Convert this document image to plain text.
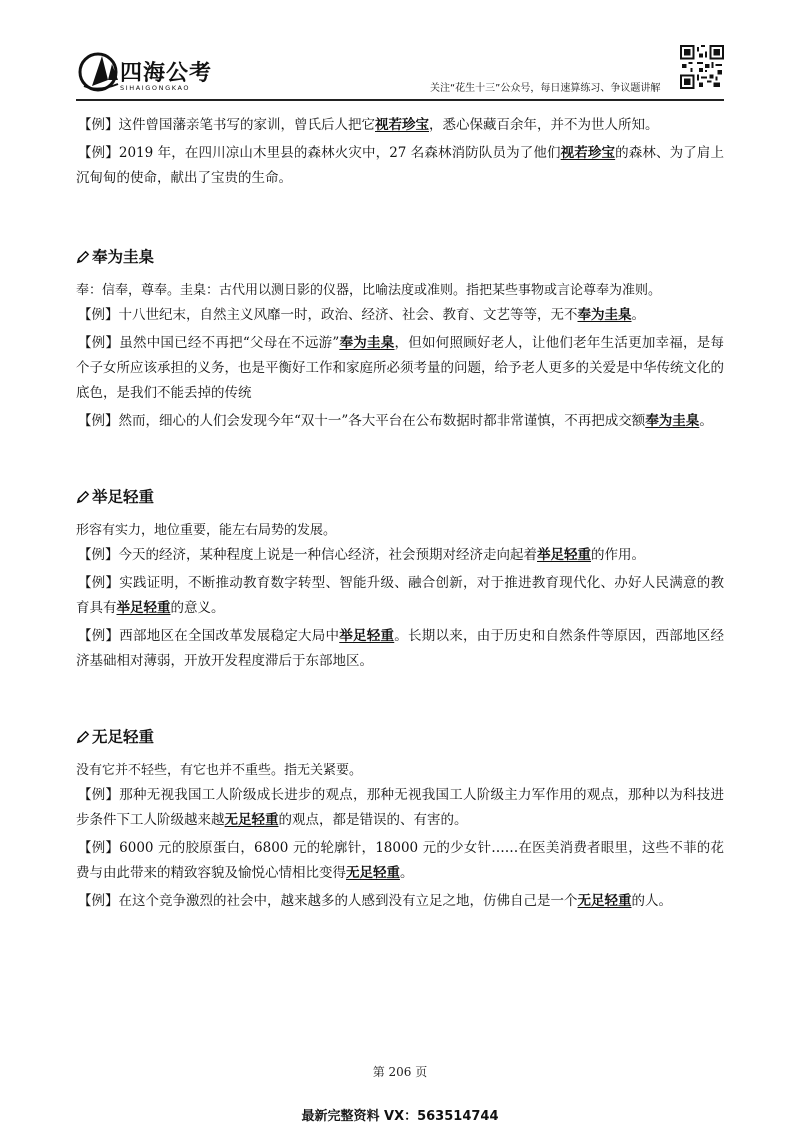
四海公考
SIHAIGONGKAO	关注“花生十三”公众号，每日速算练习、争议题讲解

【例】这件曾国藩亲笔书写的家训，曾氏后人把它视若珍宝，悉心保藏百余年，并不为世人所知。

【例】2019 年，在四川凉山木里县的森林火灾中，27 名森林消防队员为了他们视若珍宝的森林、为了肩上沉甸甸的使命，献出了宝贵的生命。

奉为圭臬

奉：信奉，尊奉。圭臬：古代用以测日影的仪器，比喻法度或准则。指把某些事物或言论尊奉为准则。

【例】十八世纪末，自然主义风靡一时，政治、经济、社会、教育、文艺等等，无不奉为圭臬。

【例】虽然中国已经不再把“父母在不远游”奉为圭臬，但如何照顾好老人，让他们老年生活更加幸福，是每个子女所应该承担的义务，也是平衡好工作和家庭所必须考量的问题，给予老人更多的关爱是中华传统文化的底色，是我们不能丢掉的传统

【例】然而，细心的人们会发现今年“双十一”各大平台在公布数据时都非常谨慎，不再把成交额奉为圭臬。

举足轻重

形容有实力，地位重要，能左右局势的发展。

【例】今天的经济，某种程度上说是一种信心经济，社会预期对经济走向起着举足轻重的作用。

【例】实践证明，不断推动教育数字转型、智能升级、融合创新，对于推进教育现代化、办好人民满意的教育具有举足轻重的意义。

【例】西部地区在全国改革发展稳定大局中举足轻重。长期以来，由于历史和自然条件等原因，西部地区经济基础相对薄弱，开放开发程度滞后于东部地区。

无足轻重

没有它并不轻些，有它也并不重些。指无关紧要。

【例】那种无视我国工人阶级成长进步的观点，那种无视我国工人阶级主力军作用的观点，那种以为科技进步条件下工人阶级越来越无足轻重的观点，都是错误的、有害的。

【例】6000 元的胶原蛋白，6800 元的轮廓针，18000 元的少女针……在医美消费者眼里，这些不菲的花费与由此带来的精致容貌及愉悦心情相比变得无足轻重。

【例】在这个竞争激烈的社会中，越来越多的人感到没有立足之地，仿佛自己是一个无足轻重的人。

第 206 页
最新完整资料 VX：563514744
